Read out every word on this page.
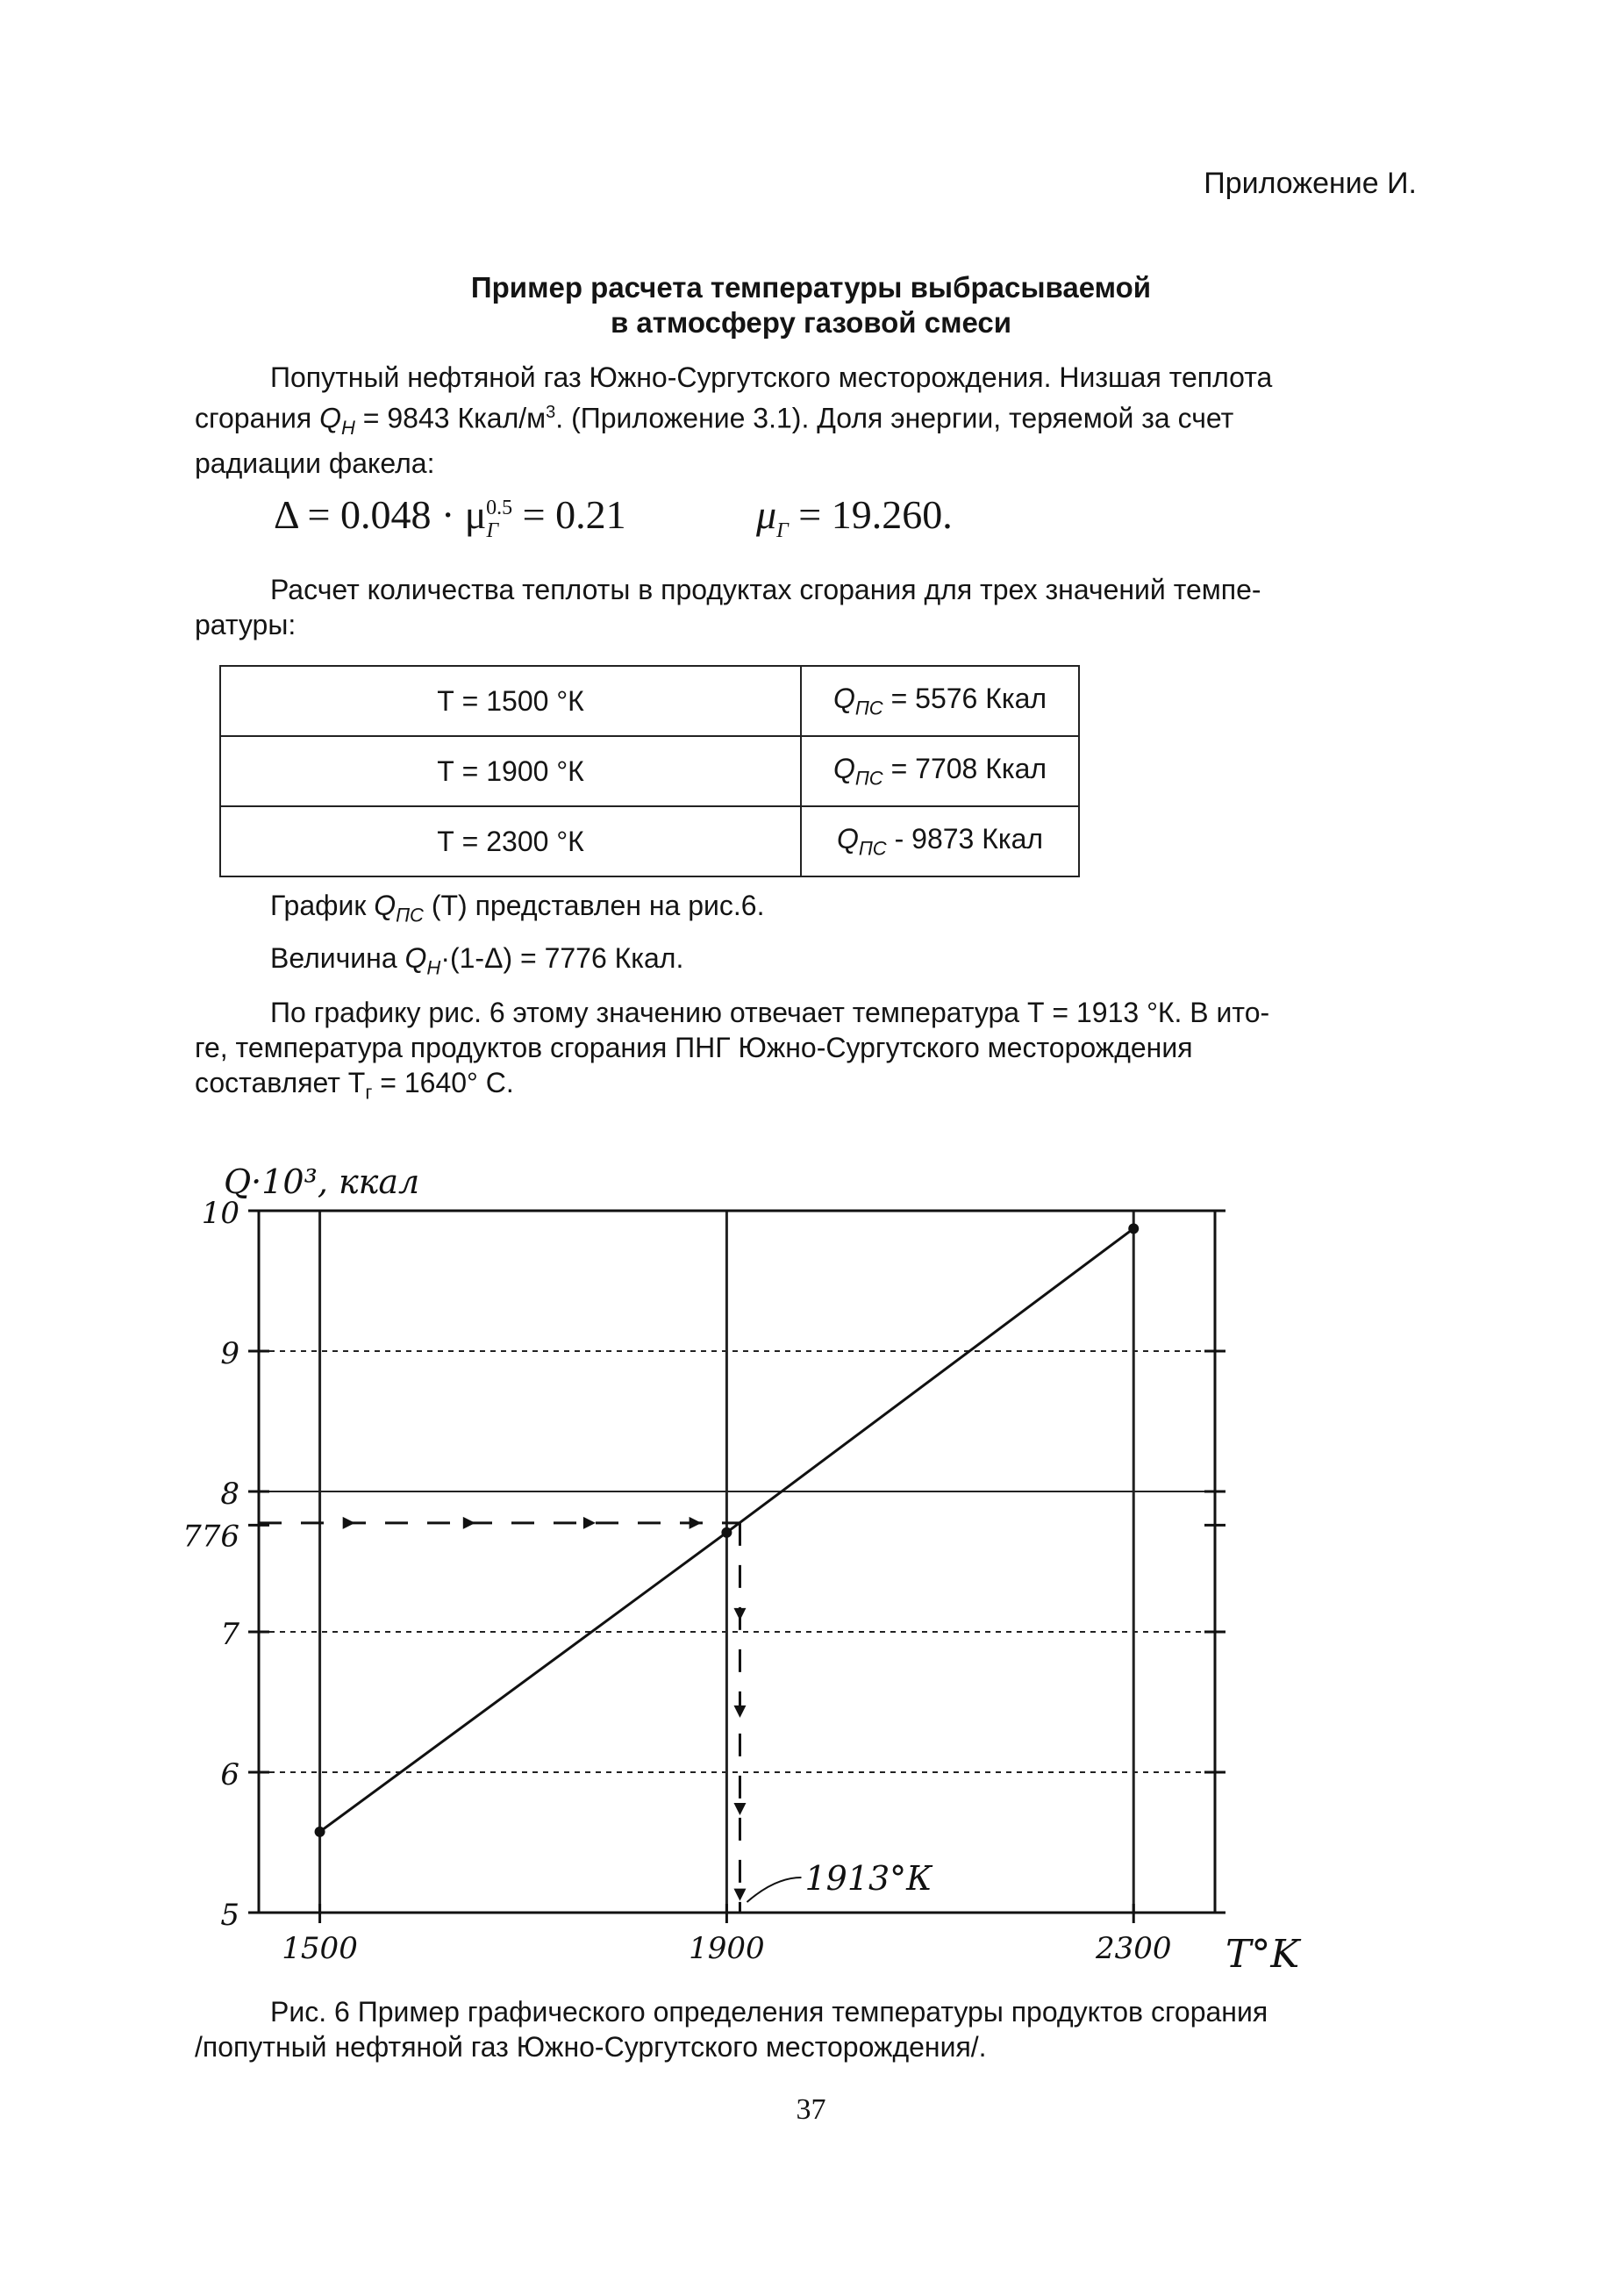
Приложение И.
Пример расчета температуры выбрасываемой
в атмосферу газовой смеси
Попутный нефтяной газ Южно-Сургутского месторождения. Низшая теплота
сгорания $Q_Н = 9843$ Ккал/$м^3$. (Приложение 3.1). Доля энергии, теряемой за счет
радиации факела:
$\Delta = 0.048 \cdot \mu_Г^{0.5} = 0.21$	$\mu_Г = 19.260$.
Расчет количества теплоты в продуктах сгорания для трех значений темпе-
ратуры:
Т = 1500 °К	$Q_{ПС} = 5576$ Ккал
Т = 1900 °К	$Q_{ПС} = 7708$ Ккал
Т = 2300 °К	$Q_{ПС} - 9873$ Ккал
График $Q_{ПС}$ (Т) представлен на рис.6.
Величина $Q_Н\cdot(1-\Delta) = 7776$ Ккал.
По графику рис. 6 этому значению отвечает температура Т = 1913 °К. В ито-
ге, температура продуктов сгорания ПНГ Южно-Сургутского месторождения
составляет $Т_г = 1640^\circ$ С.
5
6
7
776
8
9
10
1500	1900	2300
Q·10³, ккал
T°K
1913°К
Рис. 6 Пример графического определения температуры продуктов сгорания
/попутный нефтяной газ Южно-Сургутского месторождения/.
37
